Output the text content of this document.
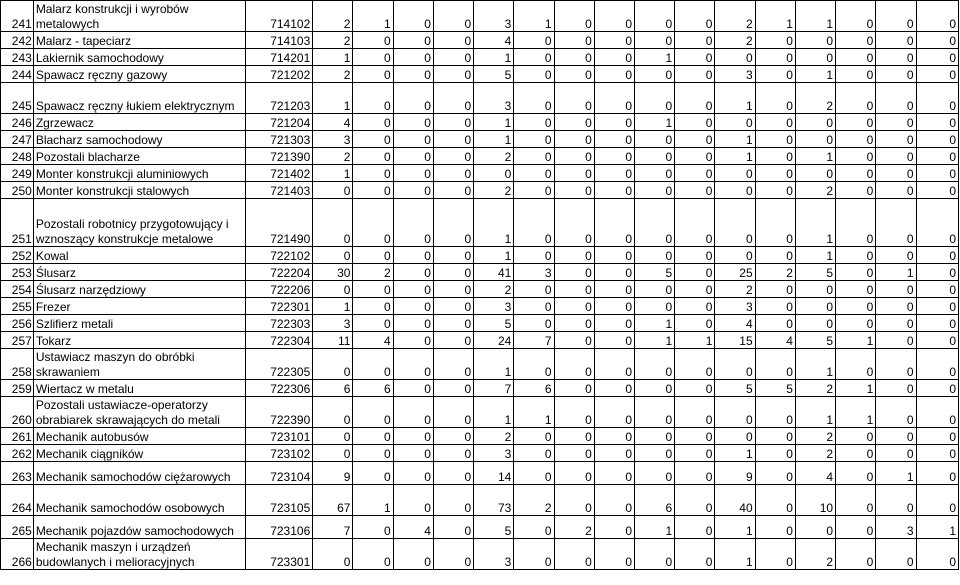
241	Malarz konstrukcji i wyrobów metalowych	714102	2	1	0	0	3	1	0	0	0	0	2	1	1	0	0	0
242	Malarz - tapeciarz	714103	2	0	0	0	4	0	0	0	0	0	2	0	0	0	0	0
243	Lakiernik samochodowy	714201	1	0	0	0	1	0	0	0	1	0	0	0	0	0	0	0
244	Spawacz ręczny gazowy	721202	2	0	0	0	5	0	0	0	0	0	3	0	1	0	0	0
245	Spawacz ręczny łukiem elektrycznym	721203	1	0	0	0	3	0	0	0	0	0	1	0	2	0	0	0
246	Zgrzewacz	721204	4	0	0	0	1	0	0	0	1	0	0	0	0	0	0	0
247	Blacharz samochodowy	721303	3	0	0	0	1	0	0	0	0	0	1	0	0	0	0	0
248	Pozostali blacharze	721390	2	0	0	0	2	0	0	0	0	0	1	0	1	0	0	0
249	Monter konstrukcji aluminiowych	721402	1	0	0	0	0	0	0	0	0	0	0	0	0	0	0	0
250	Monter konstrukcji stalowych	721403	0	0	0	0	2	0	0	0	0	0	0	0	2	0	0	0
251	Pozostali robotnicy przygotowujący i wznoszący konstrukcje metalowe	721490	0	0	0	0	1	0	0	0	0	0	0	0	1	0	0	0
252	Kowal	722102	0	0	0	0	1	0	0	0	0	0	0	0	1	0	0	0
253	Ślusarz	722204	30	2	0	0	41	3	0	0	5	0	25	2	5	0	1	0
254	Ślusarz narzędziowy	722206	0	0	0	0	2	0	0	0	0	0	2	0	0	0	0	0
255	Frezer	722301	1	0	0	0	3	0	0	0	0	0	3	0	0	0	0	0
256	Szlifierz metali	722303	3	0	0	0	5	0	0	0	1	0	4	0	0	0	0	0
257	Tokarz	722304	11	4	0	0	24	7	0	0	1	1	15	4	5	1	0	0
258	Ustawiacz maszyn do obróbki skrawaniem	722305	0	0	0	0	1	0	0	0	0	0	0	0	1	0	0	0
259	Wiertacz w metalu	722306	6	6	0	0	7	6	0	0	0	0	5	5	2	1	0	0
260	Pozostali ustawiacze-operatorzy obrabiarek skrawających do metali	722390	0	0	0	0	1	1	0	0	0	0	0	0	1	1	0	0
261	Mechanik autobusów	723101	0	0	0	0	2	0	0	0	0	0	0	0	2	0	0	0
262	Mechanik ciągników	723102	0	0	0	0	3	0	0	0	0	0	1	0	2	0	0	0
263	Mechanik samochodów ciężarowych	723104	9	0	0	0	14	0	0	0	0	0	9	0	4	0	1	0
264	Mechanik samochodów osobowych	723105	67	1	0	0	73	2	0	0	6	0	40	0	10	0	0	0
265	Mechanik pojazdów samochodowych	723106	7	0	4	0	5	0	2	0	1	0	1	0	0	0	3	1
266	Mechanik maszyn i urządzeń budowlanych i melioracyjnych	723301	0	0	0	0	3	0	0	0	0	0	1	0	2	0	0	0
